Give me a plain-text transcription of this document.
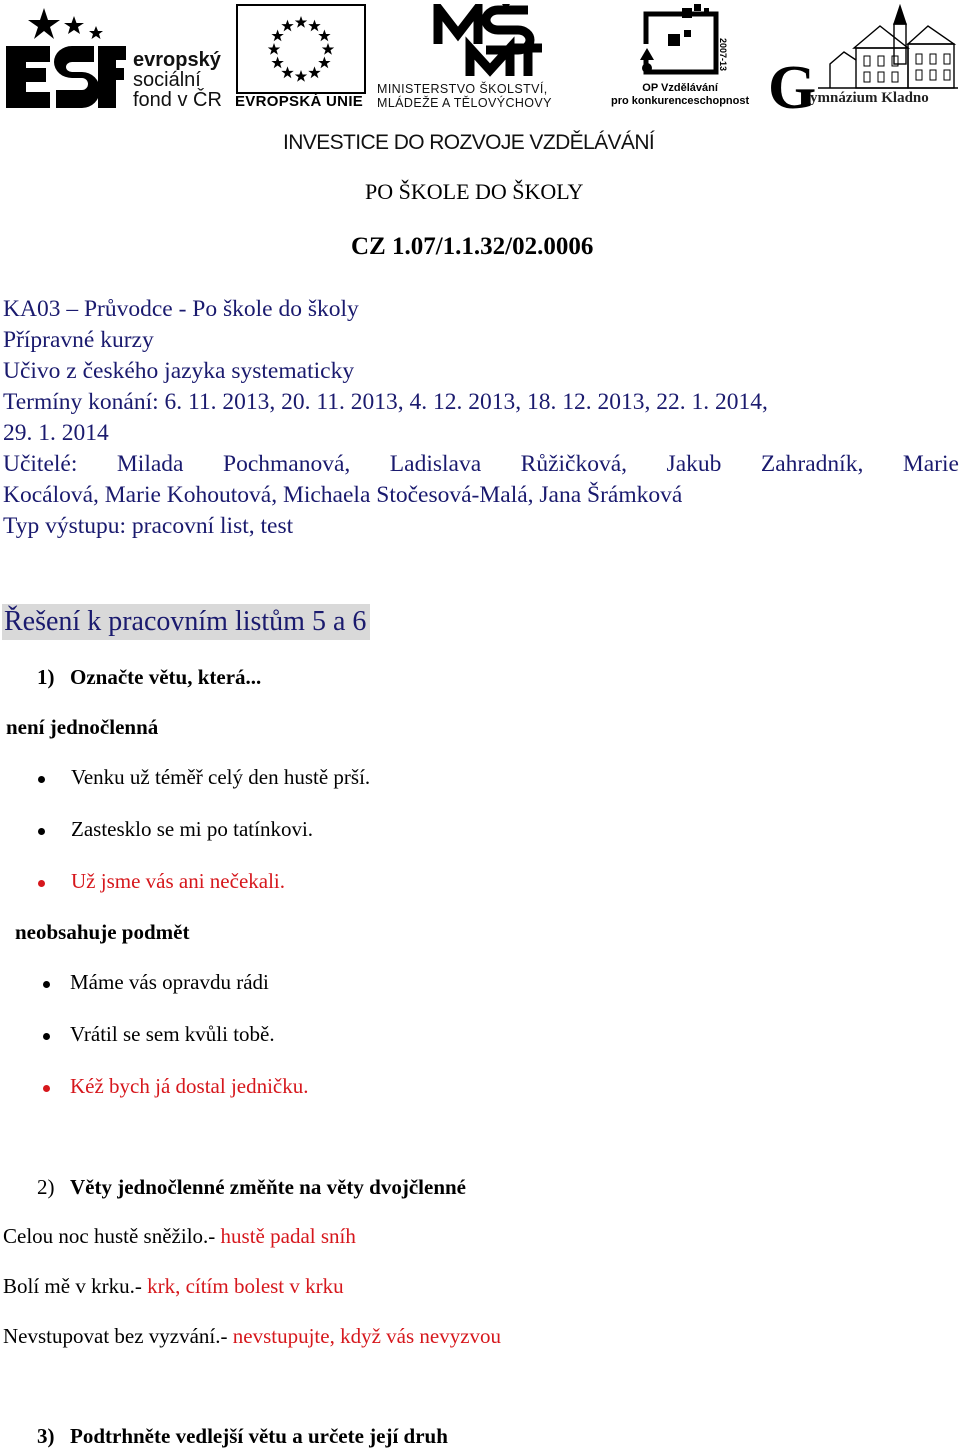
evropský
sociální
fond v ČR EVROPSKÁ UNIE
MINISTERSTVO ŠKOLSTVÍ,
MLÁDEŽE A TĚLOVÝCHOVY
2007-13
OP Vzdělávání
pro konkurenceschopnost G
ymnázium Kladno
INVESTICE DO ROZVOJE VZDĚLÁVÁNÍ
PO ŠKOLE DO ŠKOLY
CZ 1.07/1.1.32/02.0006
KA03 – Průvodce - Po škole do školy
Přípravné kurzy
Učivo z českého jazyka systematicky
Termíny konání: 6. 11. 2013, 20. 11. 2013, 4. 12. 2013, 18. 12. 2013, 22. 1. 2014,
29. 1. 2014
Učitelé: Milada Pochmanová, Ladislava Růžičková, Jakub Zahradník, Marie
Kocálová, Marie Kohoutová, Michaela Stočesová-Malá, Jana Šrámková
Typ výstupu: pracovní list, test
Řešení k pracovním listům 5 a 6
1) Označte větu, která...
není jednočlenná
Venku už téměř celý den hustě prší.
Zastesklo se mi po tatínkovi.
Už jsme vás ani nečekali.
neobsahuje podmět
Máme vás opravdu rádi
Vrátil se sem kvůli tobě.
Kéž bych já dostal jedničku.
2) Věty jednočlenné změňte na věty dvojčlenné
Celou noc hustě sněžilo.- hustě padal sníh
Bolí mě v krku.- krk, cítím bolest v krku
Nevstupovat bez vyzvání.- nevstupujte, když vás nevyzvou
3) Podtrhněte vedlejší větu a určete její druh
